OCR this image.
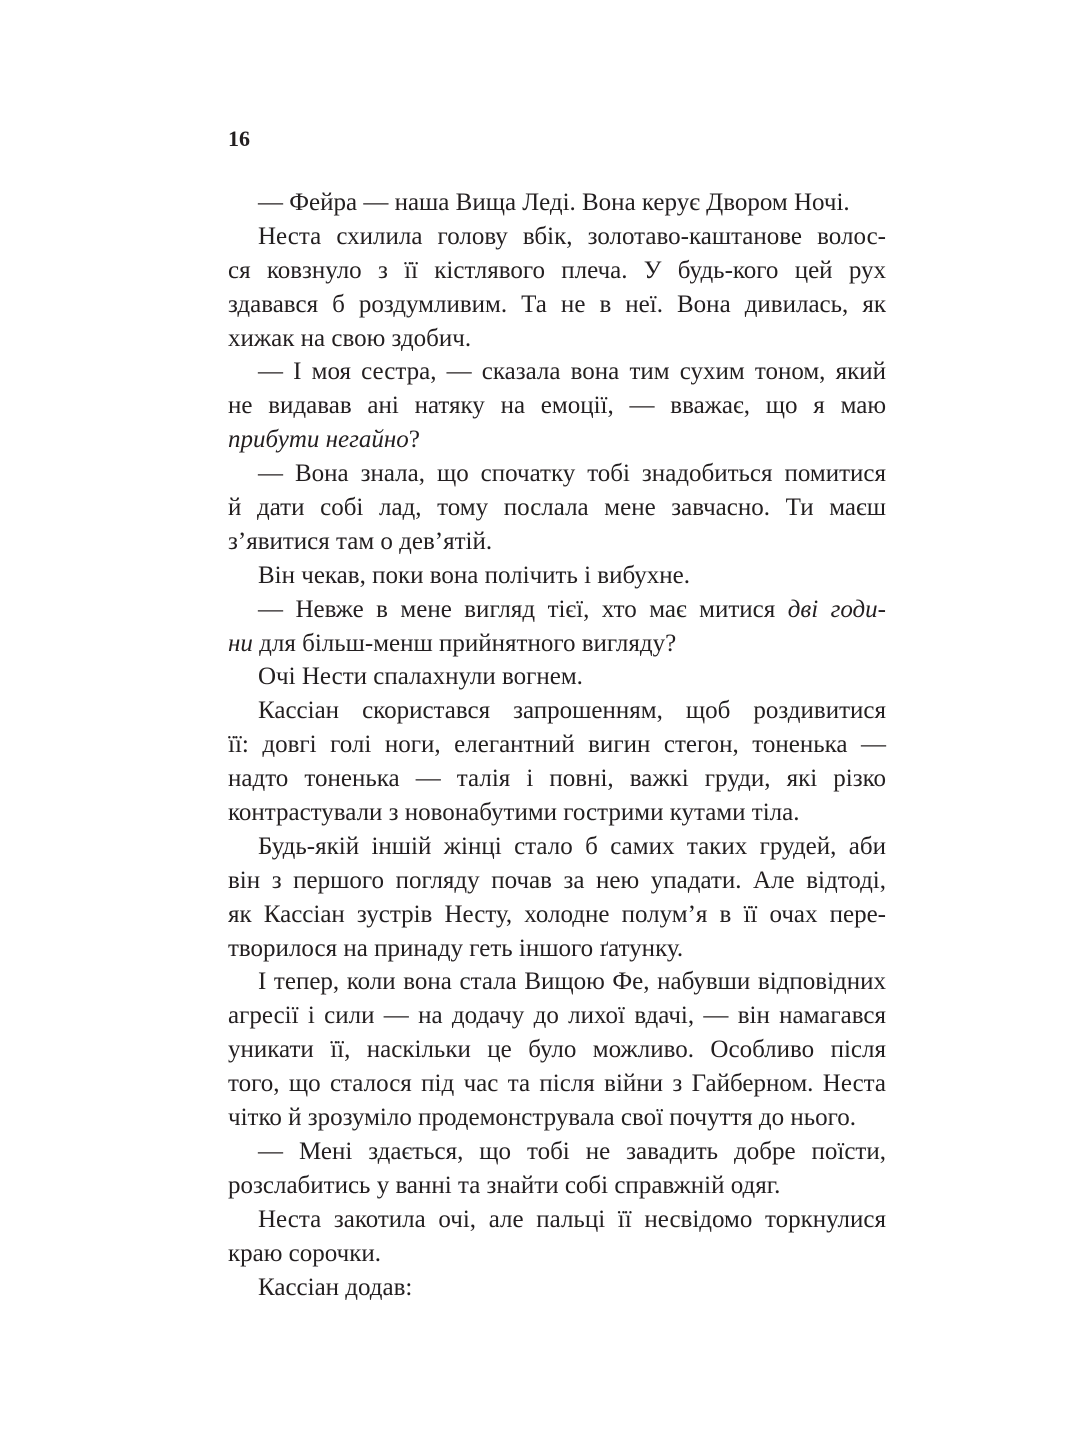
16
— Фейра — наша Вища Леді. Вона керує Двором Ночі.
Неста схилила голову вбік, золотаво-каштанове волос-
ся ковзнуло з її кістлявого плеча. У будь-кого цей рух
здавався б роздумливим. Та не в неї. Вона дивилась, як
хижак на свою здобич.
— І моя сестра, — сказала вона тим сухим тоном, який
не видавав ані натяку на емоції, — вважає, що я маю
прибути негайно?
— Вона знала, що спочатку тобі знадобиться помитися
й дати собі лад, тому послала мене завчасно. Ти маєш
з’явитися там о дев’ятій.
Він чекав, поки вона полічить і вибухне.
— Невже в мене вигляд тієї, хто має митися дві годи-
ни для більш-менш прийнятного вигляду?
Очі Нести спалахнули вогнем.
Кассіан скористався запрошенням, щоб роздивитися
її: довгі голі ноги, елегантний вигин стегон, тоненька —
надто тоненька — талія і повні, важкі груди, які різко
контрастували з новонабутими гострими кутами тіла.
Будь-якій іншій жінці стало б самих таких грудей, аби
він з першого погляду почав за нею упадати. Але відтоді,
як Кассіан зустрів Несту, холодне полум’я в її очах пере-
творилося на принаду геть іншого ґатунку.
І тепер, коли вона стала Вищою Фе, набувши відповідних
агресії і сили — на додачу до лихої вдачі, — він намагався
уникати її, наскільки це було можливо. Особливо після
того, що сталося під час та після війни з Гайберном. Неста
чітко й зрозуміло продемонструвала свої почуття до нього.
— Мені здається, що тобі не завадить добре поїсти,
розслабитись у ванні та знайти собі справжній одяг.
Неста закотила очі, але пальці її несвідомо торкнулися
краю сорочки.
Кассіан додав:
